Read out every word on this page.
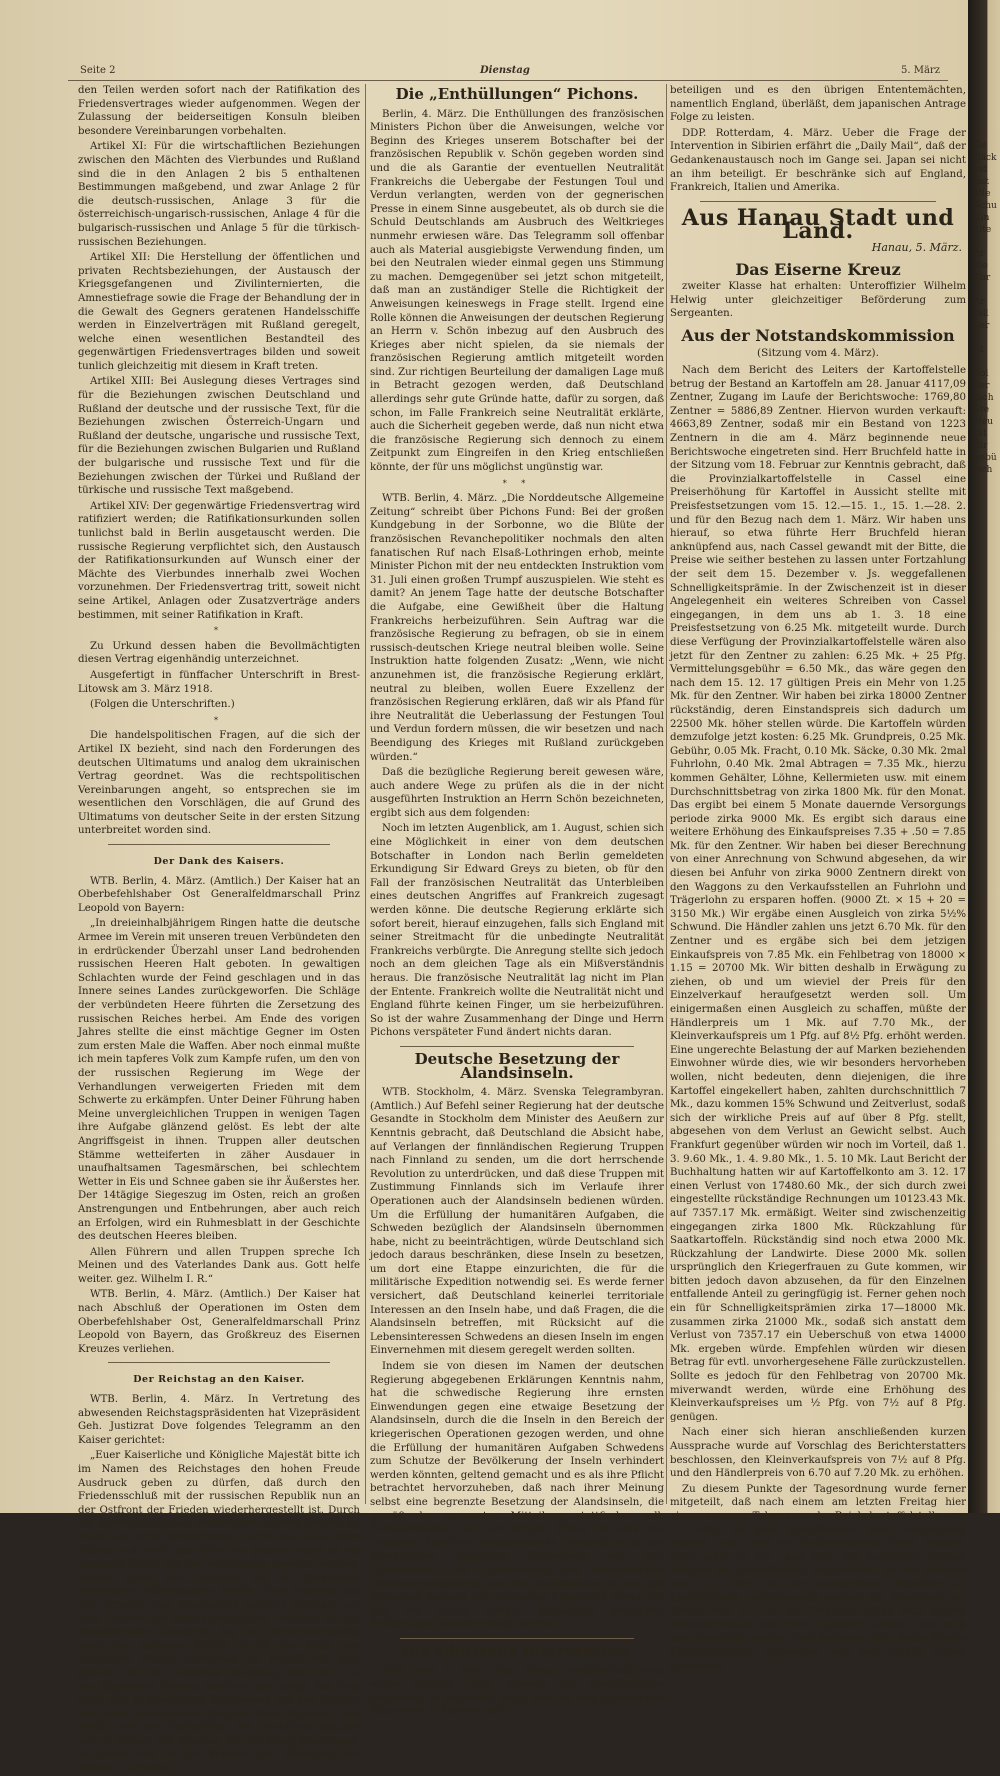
Seite 2	Dienstag	5. März

den Teilen werden sofort nach der Ratifikation des Friedensvertrages wieder aufgenommen. Wegen der Zulassung der beiderseitigen Konsuln bleiben besondere Vereinbarungen vorbehalten.

Artikel XI: Für die wirtschaftlichen Beziehungen zwischen den Mächten des Vierbundes und Rußland sind die in den Anlagen 2 bis 5 enthaltenen Bestimmungen maßgebend, und zwar Anlage 2 für die deutsch-russischen, Anlage 3 für die österreichisch-ungarisch-russischen, Anlage 4 für die bulgarisch-russischen und Anlage 5 für die türkisch-russischen Beziehungen.

Artikel XII: Die Herstellung der öffentlichen und privaten Rechtsbeziehungen, der Austausch der Kriegsgefangenen und Zivilinternierten, die Amnestiefrage sowie die Frage der Behandlung der in die Gewalt des Gegners geratenen Handelsschiffe werden in Einzelverträgen mit Rußland geregelt, welche einen wesentlichen Bestandteil des gegenwärtigen Friedensvertrages bilden und soweit tunlich gleichzeitig mit diesem in Kraft treten.

Artikel XIII: Bei Auslegung dieses Vertrages sind für die Beziehungen zwischen Deutschland und Rußland der deutsche und der russische Text, für die Beziehungen zwischen Österreich-Ungarn und Rußland der deutsche, ungarische und russische Text, für die Beziehungen zwischen Bulgarien und Rußland der bulgarische und russische Text und für die Beziehungen zwischen der Türkei und Rußland der türkische und russische Text maßgebend.

Artikel XIV: Der gegenwärtige Friedensvertrag wird ratifiziert werden; die Ratifikationsurkunden sollen tunlichst bald in Berlin ausgetauscht werden. Die russische Regierung verpflichtet sich, den Austausch der Ratifikationsurkunden auf Wunsch einer der Mächte des Vierbundes innerhalb zwei Wochen vorzunehmen. Der Friedensvertrag tritt, soweit nicht seine Artikel, Anlagen oder Zusatzverträge anders bestimmen, mit seiner Ratifikation in Kraft.

*

Zu Urkund dessen haben die Bevollmächtigten diesen Vertrag eigenhändig unterzeichnet.

Ausgefertigt in fünffacher Unterschrift in Brest-Litowsk am 3. März 1918.

(Folgen die Unterschriften.)

*

Die handelspolitischen Fragen, auf die sich der Artikel IX bezieht, sind nach den Forderungen des deutschen Ultimatums und analog dem ukrainischen Vertrag geordnet. Was die rechtspolitischen Vereinbarungen angeht, so entsprechen sie im wesentlichen den Vorschlägen, die auf Grund des Ultimatums von deutscher Seite in der ersten Sitzung unterbreitet worden sind.

Der Dank des Kaisers.

WTB. Berlin, 4. März. (Amtlich.) Der Kaiser hat an Oberbefehlshaber Ost Generalfeldmarschall Prinz Leopold von Bayern:

„In dreieinhalbjährigem Ringen hatte die deutsche Armee im Verein mit unseren treuen Verbündeten den in erdrückender Überzahl unser Land bedrohenden russischen Heeren Halt geboten. In gewaltigen Schlachten wurde der Feind geschlagen und in das Innere seines Landes zurückgeworfen. Die Schläge der verbündeten Heere führten die Zersetzung des russischen Reiches herbei. Am Ende des vorigen Jahres stellte die einst mächtige Gegner im Osten zum ersten Male die Waffen. Aber noch einmal mußte ich mein tapferes Volk zum Kampfe rufen, um den von der russischen Regierung im Wege der Verhandlungen verweigerten Frieden mit dem Schwerte zu erkämpfen. Unter Deiner Führung haben Meine unvergleichlichen Truppen in wenigen Tagen ihre Aufgabe glänzend gelöst. Es lebt der alte Angriffsgeist in ihnen. Truppen aller deutschen Stämme wetteiferten in zäher Ausdauer in unaufhaltsamen Tagesmärschen, bei schlechtem Wetter in Eis und Schnee gaben sie ihr Äußerstes her. Der 14tägige Siegeszug im Osten, reich an großen Anstrengungen und Entbehrungen, aber auch reich an Erfolgen, wird ein Ruhmesblatt in der Geschichte des deutschen Heeres bleiben.

Allen Führern und allen Truppen spreche Ich Meinen und des Vaterlandes Dank aus. Gott helfe weiter. gez. Wilhelm I. R.“

WTB. Berlin, 4. März. (Amtlich.) Der Kaiser hat nach Abschluß der Operationen im Osten dem Oberbefehlshaber Ost, Generalfeldmarschall Prinz Leopold von Bayern, das Großkreuz des Eisernen Kreuzes verliehen.

Der Reichstag an den Kaiser.

WTB. Berlin, 4. März. In Vertretung des abwesenden Reichstagspräsidenten hat Vizepräsident Geh. Justizrat Dove folgendes Telegramm an den Kaiser gerichtet:

„Euer Kaiserliche und Königliche Majestät bitte ich im Namen des Reichstages den hohen Freude Ausdruck geben zu dürfen, daß durch den Friedensschluß mit der russischen Republik nun an der Ostfront der Frieden wiederhergestellt ist. Durch die unvergleichlichen Waffentaten unserer Brüder im Felde und ihrer Verbündeten, durch des Genie ihrer Führer und durch das Opfer des ganzen Volkes ist die deutsche Kultur vor der Vernichtung bewahrt worden, welche durch den Ansturm der im Zarenreich vereinigten Völkermassen drohte. Euer Majestät hat das Schwert des Vaterlandes gezückt Schwert mit dem Lorbeer des Sieges umwunden. Dankbar für das entschlossene Ausharren, bis der Vernichtungswille auch der anderen Feinde durch die Kraft der deutschen Waffen gebrochen ist, erhofft mit dem ganzen Volk der Deutsche Reichstag, daß bald uns der allgemeine Frieden beschert sein möge, der freie Bahn gibt in friedlichem Wettbewerb mit den Völkern und dem ruhmreichen Szepter Euer Majestät, der Macht und der Herrlichkeit des Deutschen Reiches und zu freuen, die Wunden, die der Krieg geschlagen, zu heilen und für die Freiheit und Wohlfahrt des Volkes zu arbeiten.“

Die „Enthüllungen“ Pichons.

Berlin, 4. März. Die Enthüllungen des französischen Ministers Pichon über die Anweisungen, welche vor Beginn des Krieges unserem Botschafter bei der französischen Republik v. Schön gegeben worden sind und die als Garantie der eventuellen Neutralität Frankreichs die Uebergabe der Festungen Toul und Verdun verlangten, werden von der gegnerischen Presse in einem Sinne ausgebeutet, als ob durch sie die Schuld Deutschlands am Ausbruch des Weltkrieges nunmehr erwiesen wäre. Das Telegramm soll offenbar auch als Material ausgiebigste Verwendung finden, um bei den Neutralen wieder einmal gegen uns Stimmung zu machen. Demgegenüber sei jetzt schon mitgeteilt, daß man an zuständiger Stelle die Richtigkeit der Anweisungen keineswegs in Frage stellt. Irgend eine Rolle können die Anweisungen der deutschen Regierung an Herrn v. Schön inbezug auf den Ausbruch des Krieges aber nicht spielen, da sie niemals der französischen Regierung amtlich mitgeteilt worden sind. Zur richtigen Beurteilung der damaligen Lage muß in Betracht gezogen werden, daß Deutschland allerdings sehr gute Gründe hatte, dafür zu sorgen, daß schon, im Falle Frankreich seine Neutralität erklärte, auch die Sicherheit gegeben werde, daß nun nicht etwa die französische Regierung sich dennoch zu einem Zeitpunkt zum Eingreifen in den Krieg entschließen könnte, der für uns möglichst ungünstig war.

* *

WTB. Berlin, 4. März. „Die Norddeutsche Allgemeine Zeitung“ schreibt über Pichons Fund: Bei der großen Kundgebung in der Sorbonne, wo die Blüte der französischen Revanchepolitiker nochmals den alten fanatischen Ruf nach Elsaß-Lothringen erhob, meinte Minister Pichon mit der neu entdeckten Instruktion vom 31. Juli einen großen Trumpf auszuspielen. Wie steht es damit? An jenem Tage hatte der deutsche Botschafter die Aufgabe, eine Gewißheit über die Haltung Frankreichs herbeizuführen. Sein Auftrag war die französische Regierung zu befragen, ob sie in einem russisch-deutschen Kriege neutral bleiben wolle. Seine Instruktion hatte folgenden Zusatz: „Wenn, wie nicht anzunehmen ist, die französische Regierung erklärt, neutral zu bleiben, wollen Euere Exzellenz der französischen Regierung erklären, daß wir als Pfand für ihre Neutralität die Ueberlassung der Festungen Toul und Verdun fordern müssen, die wir besetzen und nach Beendigung des Krieges mit Rußland zurückgeben würden.“

Daß die bezügliche Regierung bereit gewesen wäre, auch andere Wege zu prüfen als die in der nicht ausgeführten Instruktion an Herrn Schön bezeichneten, ergibt sich aus dem folgenden:

Noch im letzten Augenblick, am 1. August, schien sich eine Möglichkeit in einer von dem deutschen Botschafter in London nach Berlin gemeldeten Erkundigung Sir Edward Greys zu bieten, ob für den Fall der französischen Neutralität das Unterbleiben eines deutschen Angriffes auf Frankreich zugesagt werden könne. Die deutsche Regierung erklärte sich sofort bereit, hierauf einzugehen, falls sich England mit seiner Streitmacht für die unbedingte Neutralität Frankreichs verbürgte. Die Anregung stellte sich jedoch noch an dem gleichen Tage als ein Mißverständnis heraus. Die französische Neutralität lag nicht im Plan der Entente. Frankreich wollte die Neutralität nicht und England führte keinen Finger, um sie herbeizuführen. So ist der wahre Zusammenhang der Dinge und Herrn Pichons verspäteter Fund ändert nichts daran.

Deutsche Besetzung der Alandsinseln.

WTB. Stockholm, 4. März. Svenska Telegrambyran. (Amtlich.) Auf Befehl seiner Regierung hat der deutsche Gesandte in Stockholm dem Minister des Aeußern zur Kenntnis gebracht, daß Deutschland die Absicht habe, auf Verlangen der finnländischen Regierung Truppen nach Finnland zu senden, um die dort herrschende Revolution zu unterdrücken, und daß diese Truppen mit Zustimmung Finnlands sich im Verlaufe ihrer Operationen auch der Alandsinseln bedienen würden. Um die Erfüllung der humanitären Aufgaben, die Schweden bezüglich der Alandsinseln übernommen habe, nicht zu beeinträchtigen, würde Deutschland sich jedoch daraus beschränken, diese Inseln zu besetzen, um dort eine Etappe einzurichten, die für die militärische Expedition notwendig sei. Es werde ferner versichert, daß Deutschland keinerlei territoriale Interessen an den Inseln habe, und daß Fragen, die die Alandsinseln betreffen, mit Rücksicht auf die Lebensinteressen Schwedens an diesen Inseln im engen Einvernehmen mit diesem geregelt werden sollten.

Indem sie von diesen im Namen der deutschen Regierung abgegebenen Erklärungen Kenntnis nahm, hat die schwedische Regierung ihre ernsten Einwendungen gegen eine etwaige Besetzung der Alandsinseln, durch die die Inseln in den Bereich der kriegerischen Operationen gezogen werden, und ohne die Erfüllung der humanitären Aufgaben Schwedens zum Schutze der Bevölkerung der Inseln verhindert werden könnten, geltend gemacht und es als ihre Pflicht betrachtet hervorzuheben, daß nach ihrer Meinung selbst eine begrenzte Besetzung der Alandsinseln, die gemäß der genannten Mitteilung stattfinden soll, Schwierigkeiten mit sich bringen könne für eine den gehegten Absichten entsprechende Verwirklichung der humanitären Aufgaben Schwedens auf den Alandsinseln. Der Kommandant des schwedischen Ueberwachungskorps auf den Alandsinseln ist von der geplanten Ankunft der deutschen Expedition sowie von den mit Bezug hierauf gemachten deutschen Erklärungen benachrichtigt worden.

Die sibirische Intervention.

DDP. Genf, 4. März. Der „Temps“ veröffentlicht eine etwas unklare Note, wonach die amerikanische Regierung es abgelehnt habe, sich an dem japanischen Eingreifen in Sibirien aktiv zu

beteiligen und es den übrigen Ententemächten, namentlich England, überläßt, dem japanischen Antrage Folge zu leisten.

DDP. Rotterdam, 4. März. Ueber die Frage der Intervention in Sibirien erfährt die „Daily Mail“, daß der Gedankenaustausch noch im Gange sei. Japan sei nicht an ihm beteiligt. Er beschränke sich auf England, Frankreich, Italien und Amerika.

Aus Hanau Stadt und Land.
Hanau, 5. März.
Das Eiserne Kreuz

zweiter Klasse hat erhalten: Unteroffizier Wilhelm Helwig unter gleichzeitiger Beförderung zum Sergeanten.

Aus der Notstandskommission
(Sitzung vom 4. März).

Nach dem Bericht des Leiters der Kartoffelstelle betrug der Bestand an Kartoffeln am 28. Januar 4117,09 Zentner, Zugang im Laufe der Berichtswoche: 1769,80 Zentner = 5886,89 Zentner. Hiervon wurden verkauft: 4663,89 Zentner, sodaß mir ein Bestand von 1223 Zentnern in die am 4. März beginnende neue Berichtswoche eingetreten sind. Herr Bruchfeld hatte in der Sitzung vom 18. Februar zur Kenntnis gebracht, daß die Provinzialkartoffelstelle in Cassel eine Preiserhöhung für Kartoffel in Aussicht stellte mit Preisfestsetzungen vom 15. 12.—15. 1., 15. 1.—28. 2. und für den Bezug nach dem 1. März. Wir haben uns hierauf, so etwa führte Herr Bruchfeld hieran anknüpfend aus, nach Cassel gewandt mit der Bitte, die Preise wie seither bestehen zu lassen unter Fortzahlung der seit dem 15. Dezember v. Js. weggefallenen Schnelligkeitsprämie. In der Zwischenzeit ist in dieser Angelegenheit ein weiteres Schreiben von Cassel eingegangen, in dem uns ab 1. 3. 18 eine Preisfestsetzung von 6.25 Mk. mitgeteilt wurde. Durch diese Verfügung der Provinzialkartoffelstelle wären also jetzt für den Zentner zu zahlen: 6.25 Mk. + 25 Pfg. Vermittelungsgebühr = 6.50 Mk., das wäre gegen den nach dem 15. 12. 17 gültigen Preis ein Mehr von 1.25 Mk. für den Zentner. Wir haben bei zirka 18000 Zentner rückständig, deren Einstandspreis sich dadurch um 22500 Mk. höher stellen würde. Die Kartoffeln würden demzufolge jetzt kosten: 6.25 Mk. Grundpreis, 0.25 Mk. Gebühr, 0.05 Mk. Fracht, 0.10 Mk. Säcke, 0.30 Mk. 2mal Fuhrlohn, 0.40 Mk. 2mal Abtragen = 7.35 Mk., hierzu kommen Gehälter, Löhne, Kellermieten usw. mit einem Durchschnittsbetrag von zirka 1800 Mk. für den Monat. Das ergibt bei einem 5 Monate dauernde Versorgungs periode zirka 9000 Mk. Es ergibt sich daraus eine weitere Erhöhung des Einkaufspreises 7.35 + .50 = 7.85 Mk. für den Zentner. Wir haben bei dieser Berechnung von einer Anrechnung von Schwund abgesehen, da wir diesen bei Anfuhr von zirka 9000 Zentnern direkt von den Waggons zu den Verkaufsstellen an Fuhrlohn und Trägerlohn zu ersparen hoffen. (9000 Zt. × 15 + 20 = 3150 Mk.) Wir ergäbe einen Ausgleich von zirka 5½% Schwund. Die Händler zahlen uns jetzt 6.70 Mk. für den Zentner und es ergäbe sich bei dem jetzigen Einkaufspreis von 7.85 Mk. ein Fehlbetrag von 18000 × 1.15 = 20700 Mk. Wir bitten deshalb in Erwägung zu ziehen, ob und um wieviel der Preis für den Einzelverkauf heraufgesetzt werden soll. Um einigermaßen einen Ausgleich zu schaffen, müßte der Händlerpreis um 1 Mk. auf 7.70 Mk., der Kleinverkaufspreis um 1 Pfg. auf 8½ Pfg. erhöht werden. Eine ungerechte Belastung der auf Marken beziehenden Einwohner würde dies, wie wir besonders hervorheben wollen, nicht bedeuten, denn diejenigen, die ihre Kartoffel eingekellert haben, zahlten durchschnittlich 7 Mk., dazu kommen 15% Schwund und Zeitverlust, sodaß sich der wirkliche Preis auf auf über 8 Pfg. stellt, abgesehen von dem Verlust an Gewicht selbst. Auch Frankfurt gegenüber würden wir noch im Vorteil, daß 1. 3. 9.60 Mk., 1. 4. 9.80 Mk., 1. 5. 10 Mk. Laut Bericht der Buchhaltung hatten wir auf Kartoffelkonto am 3. 12. 17 einen Verlust von 17480.60 Mk., der sich durch zwei eingestellte rückständige Rechnungen um 10123.43 Mk. auf 7357.17 Mk. ermäßigt. Weiter sind zwischenzeitig eingegangen zirka 1800 Mk. Rückzahlung für Saatkartoffeln. Rückständig sind noch etwa 2000 Mk. Rückzahlung der Landwirte. Diese 2000 Mk. sollen ursprünglich den Kriegerfrauen zu Gute kommen, wir bitten jedoch davon abzusehen, da für den Einzelnen entfallende Anteil zu geringfügig ist. Ferner gehen noch ein für Schnelligkeitsprämien zirka 17—18000 Mk. zusammen zirka 21000 Mk., sodaß sich anstatt dem Verlust von 7357.17 ein Ueberschuß von etwa 14000 Mk. ergeben würde. Empfehlen würden wir diesen Betrag für evtl. unvorhergesehene Fälle zurückzustellen. Sollte es jedoch für den Fehlbetrag von 20700 Mk. miverwandt werden, würde eine Erhöhung des Kleinverkaufspreises um ½ Pfg. von 7½ auf 8 Pfg. genügen.

Nach einer sich hieran anschließenden kurzen Aussprache wurde auf Vorschlag des Berichterstatters beschlossen, den Kleinverkaufspreis von 7½ auf 8 Pfg. und den Händlerpreis von 6.70 auf 7.20 Mk. zu erhöhen.

Zu diesem Punkte der Tagesordnung wurde ferner mitgeteilt, daß nach einem am letzten Freitag hier eingegangenen Telegramm der Reichskartoffelstelle vom 11. März ab kein Kartoffelmehl mehr ausgegeben werden kann, weil die Trockenfabriken bezw. Anlagen nicht mehr in der Lage sind, die benötigten großen Mengen an Kartoffelmehl herzustellen. Es soll deshalb vom 11. März ab die vorhandenen Bestände an Kartoffelmehl zurückgestellt werden zur Streckung des Brotes vom 15. Juli ab. Dagegen sollen jetzt wieder Frischkartoffeln dem Brot zugesetzt werden. Hier muß man jedenfalls wieder dazu kommen, dem Brote frische Frischkartoffeln zuzusetzen, aus den bereits früher genannten

Ge
Bäck
sid
mit
alle
Schu
Kin
alte

Ar
die
Kor

Ar
fall
Ver

St

Sol
der
nich
Ste
Neu
tät
für
gebü
sich
